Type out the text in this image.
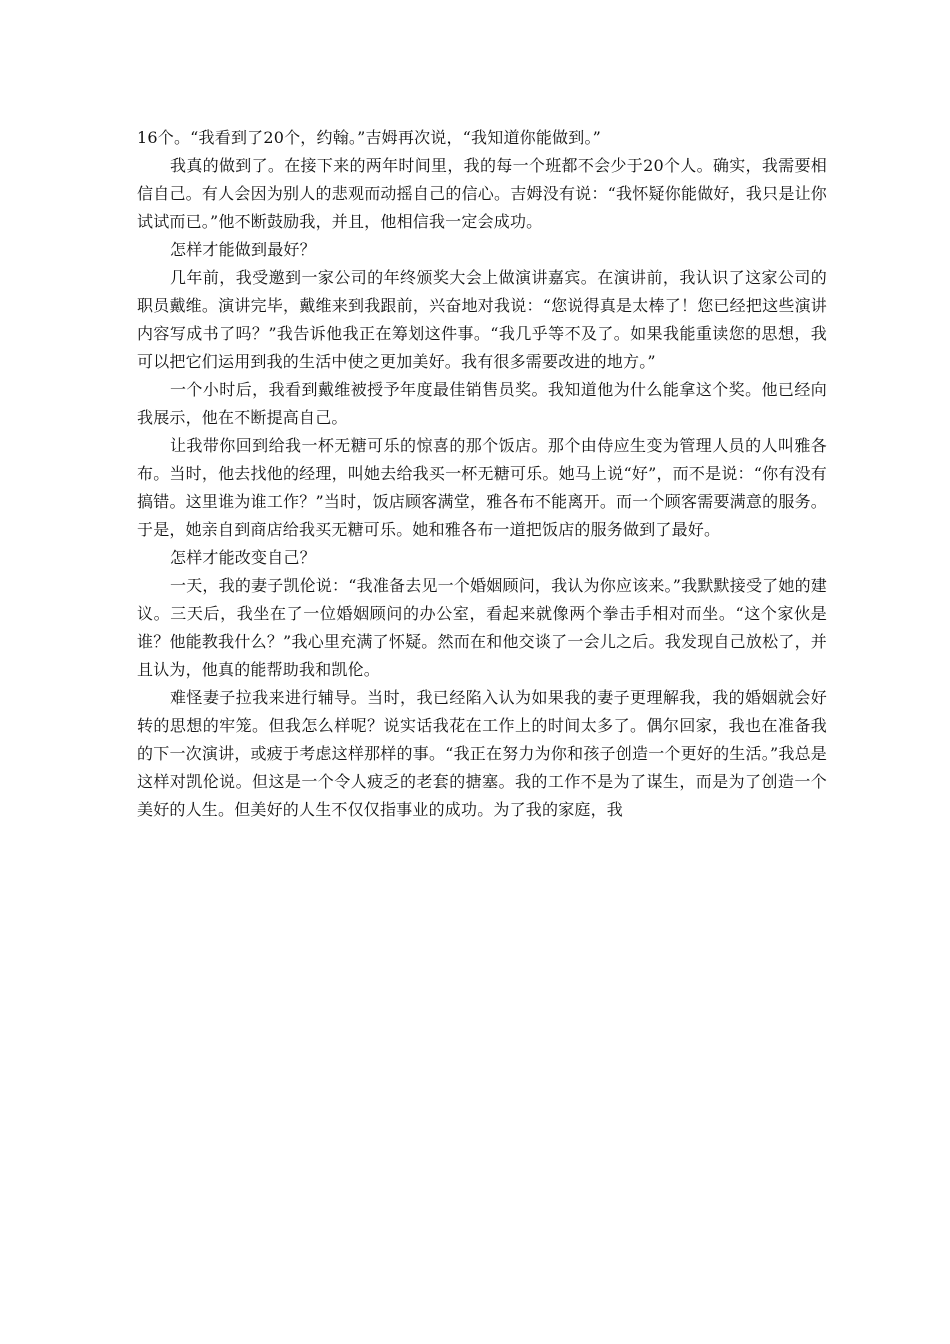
16个。“我看到了20个，约翰。”吉姆再次说，“我知道你能做到。”

我真的做到了。在接下来的两年时间里，我的每一个班都不会少于20个人。确实，我需要相信自己。有人会因为别人的悲观而动摇自己的信心。吉姆没有说：“我怀疑你能做好，我只是让你试试而已。”他不断鼓励我，并且，他相信我一定会成功。

怎样才能做到最好？

几年前，我受邀到一家公司的年终颁奖大会上做演讲嘉宾。在演讲前，我认识了这家公司的职员戴维。演讲完毕，戴维来到我跟前，兴奋地对我说：“您说得真是太棒了！您已经把这些演讲内容写成书了吗？”我告诉他我正在筹划这件事。“我几乎等不及了。如果我能重读您的思想，我可以把它们运用到我的生活中使之更加美好。我有很多需要改进的地方。”

一个小时后，我看到戴维被授予年度最佳销售员奖。我知道他为什么能拿这个奖。他已经向我展示，他在不断提高自己。

让我带你回到给我一杯无糖可乐的惊喜的那个饭店。那个由侍应生变为管理人员的人叫雅各布。当时，他去找他的经理，叫她去给我买一杯无糖可乐。她马上说“好”，而不是说：“你有没有搞错。这里谁为谁工作？”当时，饭店顾客满堂，雅各布不能离开。而一个顾客需要满意的服务。于是，她亲自到商店给我买无糖可乐。她和雅各布一道把饭店的服务做到了最好。

怎样才能改变自己？

一天，我的妻子凯伦说：“我准备去见一个婚姻顾问，我认为你应该来。”我默默接受了她的建议。三天后，我坐在了一位婚姻顾问的办公室，看起来就像两个拳击手相对而坐。“这个家伙是谁？他能教我什么？”我心里充满了怀疑。然而在和他交谈了一会儿之后。我发现自己放松了，并且认为，他真的能帮助我和凯伦。

难怪妻子拉我来进行辅导。当时，我已经陷入认为如果我的妻子更理解我，我的婚姻就会好转的思想的牢笼。但我怎么样呢？说实话我花在工作上的时间太多了。偶尔回家，我也在准备我的下一次演讲，或疲于考虑这样那样的事。“我正在努力为你和孩子创造一个更好的生活。”我总是这样对凯伦说。但这是一个令人疲乏的老套的搪塞。我的工作不是为了谋生，而是为了创造一个美好的人生。但美好的人生不仅仅指事业的成功。为了我的家庭，我
